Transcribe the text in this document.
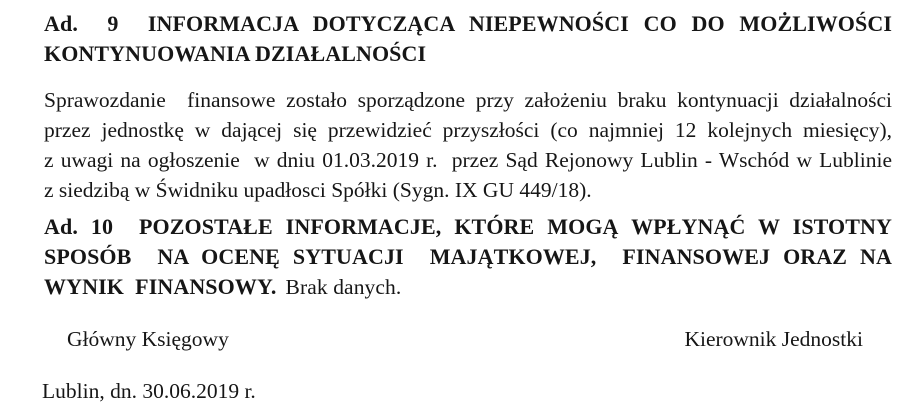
Ad.  9  INFORMACJA DOTYCZĄCA NIEPEWNOŚCI CO DO MOŻLIWOŚCI
KONTYNUOWANIA DZIAŁALNOŚCI
Sprawozdanie  finansowe zostało sporządzone przy założeniu braku kontynuacji działalności
przez jednostkę w dającej się przewidzieć przyszłości (co najmniej 12 kolejnych miesięcy),
z uwagi na ogłoszenie  w dniu 01.03.2019 r.  przez Sąd Rejonowy Lublin - Wschód w Lublinie
z siedzibą w Świdniku upadłosci Spółki (Sygn. IX GU 449/18).
Ad. 10  POZOSTAŁE INFORMACJE, KTÓRE MOGĄ WPŁYNĄĆ W ISTOTNY
SPOSÓB  NA OCENĘ SYTUACJI  MAJĄTKOWEJ,  FINANSOWEJ ORAZ NA
WYNIK  FINANSOWY. Brak danych.
Główny Księgowy	Kierownik Jednostki
Lublin, dn. 30.06.2019 r.
